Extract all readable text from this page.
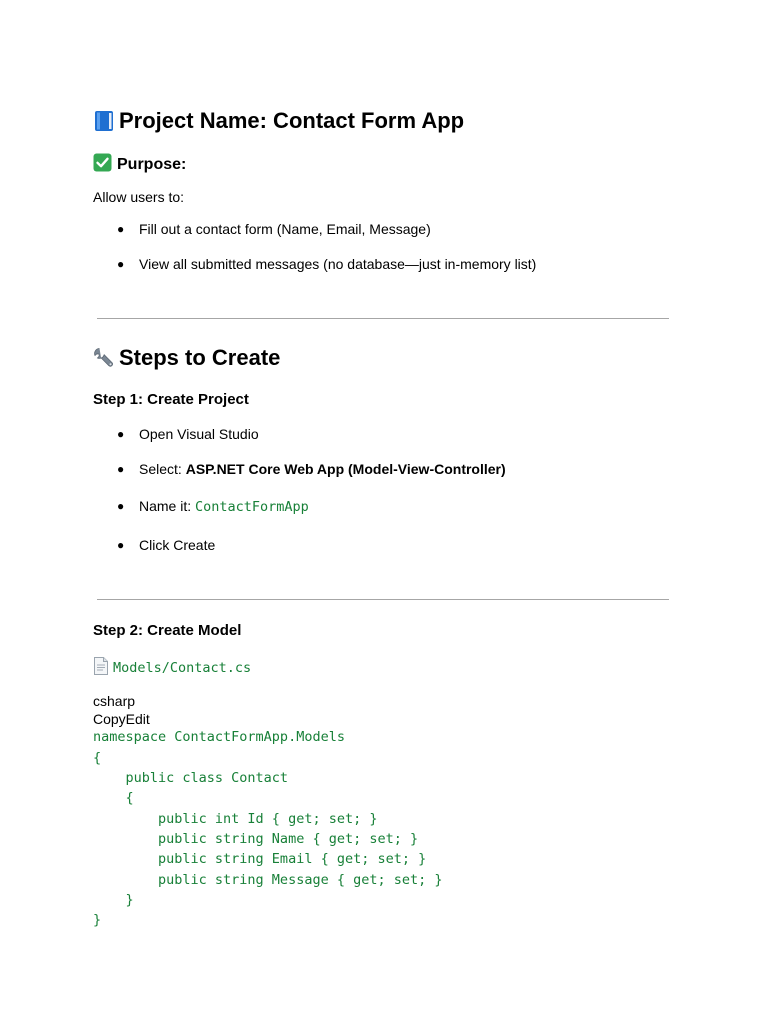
Project Name: Contact Form App
Purpose:
Allow users to:
● Fill out a contact form (Name, Email, Message)
● View all submitted messages (no database—just in-memory list)
Steps to Create
Step 1: Create Project
● Open Visual Studio
● Select: ASP.NET Core Web App (Model-View-Controller)
● Name it: ContactFormApp
● Click Create
Step 2: Create Model
Models/Contact.cs
csharp
CopyEdit
namespace ContactFormApp.Models
{
public class Contact
{
public int Id { get; set; }
public string Name { get; set; }
public string Email { get; set; }
public string Message { get; set; }
}
}
